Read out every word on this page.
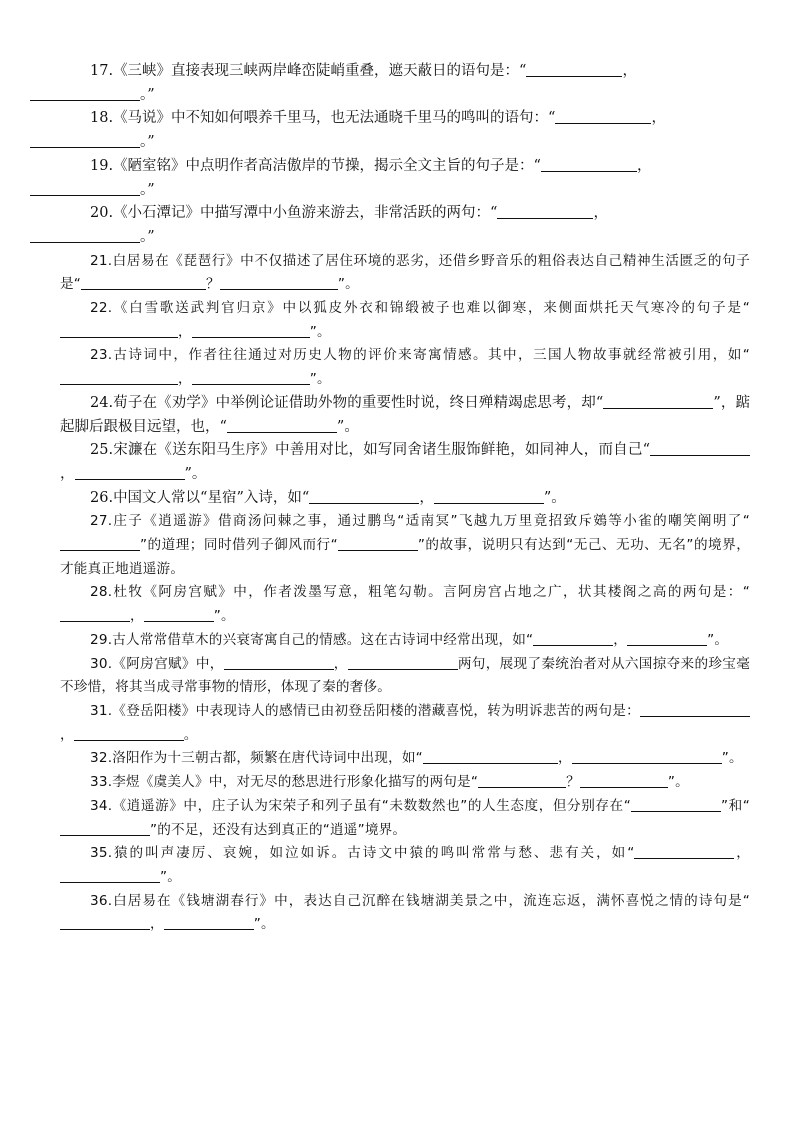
17.《三峡》直接表现三峡两岸峰峦陡峭重叠，遮天蔽日的语句是：“	，
。”

18.《马说》中不知如何喂养千里马，也无法通晓千里马的鸣叫的语句：“	，
。”

19.《陋室铭》中点明作者高洁傲岸的节操，揭示全文主旨的句子是：“	，
。”

20.《小石潭记》中描写潭中小鱼游来游去，非常活跃的两句：“	，
。”

21.白居易在《琵琶行》中不仅描述了居住环境的恶劣，还借乡野音乐的粗俗表达自己精神生活匮乏的句子是“	？	”。

22.《白雪歌送武判官归京》中以狐皮外衣和锦缎被子也难以御寒，来侧面烘托天气寒冷的句子是“，	”。

23.古诗词中，作者往往通过对历史人物的评价来寄寓情感。其中，三国人物故事就经常被引用，如“，	”。

24.荀子在《劝学》中举例论证借助外物的重要性时说，终日殚精竭虑思考，却“	”，踮起脚后跟极目远望，也，“	”。

25.宋濂在《送东阳马生序》中善用对比，如写同舍诸生服饰鲜艳，如同神人，而自己“，	”。

26.中国文人常以“星宿”入诗，如“	，	”。

27.庄子《逍遥游》借商汤问棘之事，通过鹏鸟“适南冥”飞越九万里竟招致斥鴳等小雀的嘲笑阐明了“”的道理；同时借列子御风而行“	”的故事，说明只有达到“无己、无功、无名”的境界，才能真正地逍遥游。

28.杜牧《阿房宫赋》中，作者泼墨写意，粗笔勾勒。言阿房宫占地之广，状其楼阁之高的两句是：“，	”。

29.古人常常借草木的兴衰寄寓自己的情感。这在古诗词中经常出现，如“	，	”。

30.《阿房宫赋》中，	，	两句，展现了秦统治者对从六国掠夺来的珍宝毫不珍惜，将其当成寻常事物的情形，体现了秦的奢侈。

31.《登岳阳楼》中表现诗人的感情已由初登岳阳楼的潜藏喜悦，转为明诉悲苦的两句是：，	。

32.洛阳作为十三朝古都，频繁在唐代诗词中出现，如“	，	”。

33.李煜《虞美人》中，对无尽的愁思进行形象化描写的两句是“	？	”。

34.《逍遥游》中，庄子认为宋荣子和列子虽有“未数数然也”的人生态度，但分别存在“	”和“”的不足，还没有达到真正的“逍遥”境界。

35.猿的叫声凄厉、哀婉，如泣如诉。古诗文中猿的鸣叫常常与愁、悲有关，如“	，”。

36.白居易在《钱塘湖春行》中，表达自己沉醉在钱塘湖美景之中，流连忘返，满怀喜悦之情的诗句是“，	”。
